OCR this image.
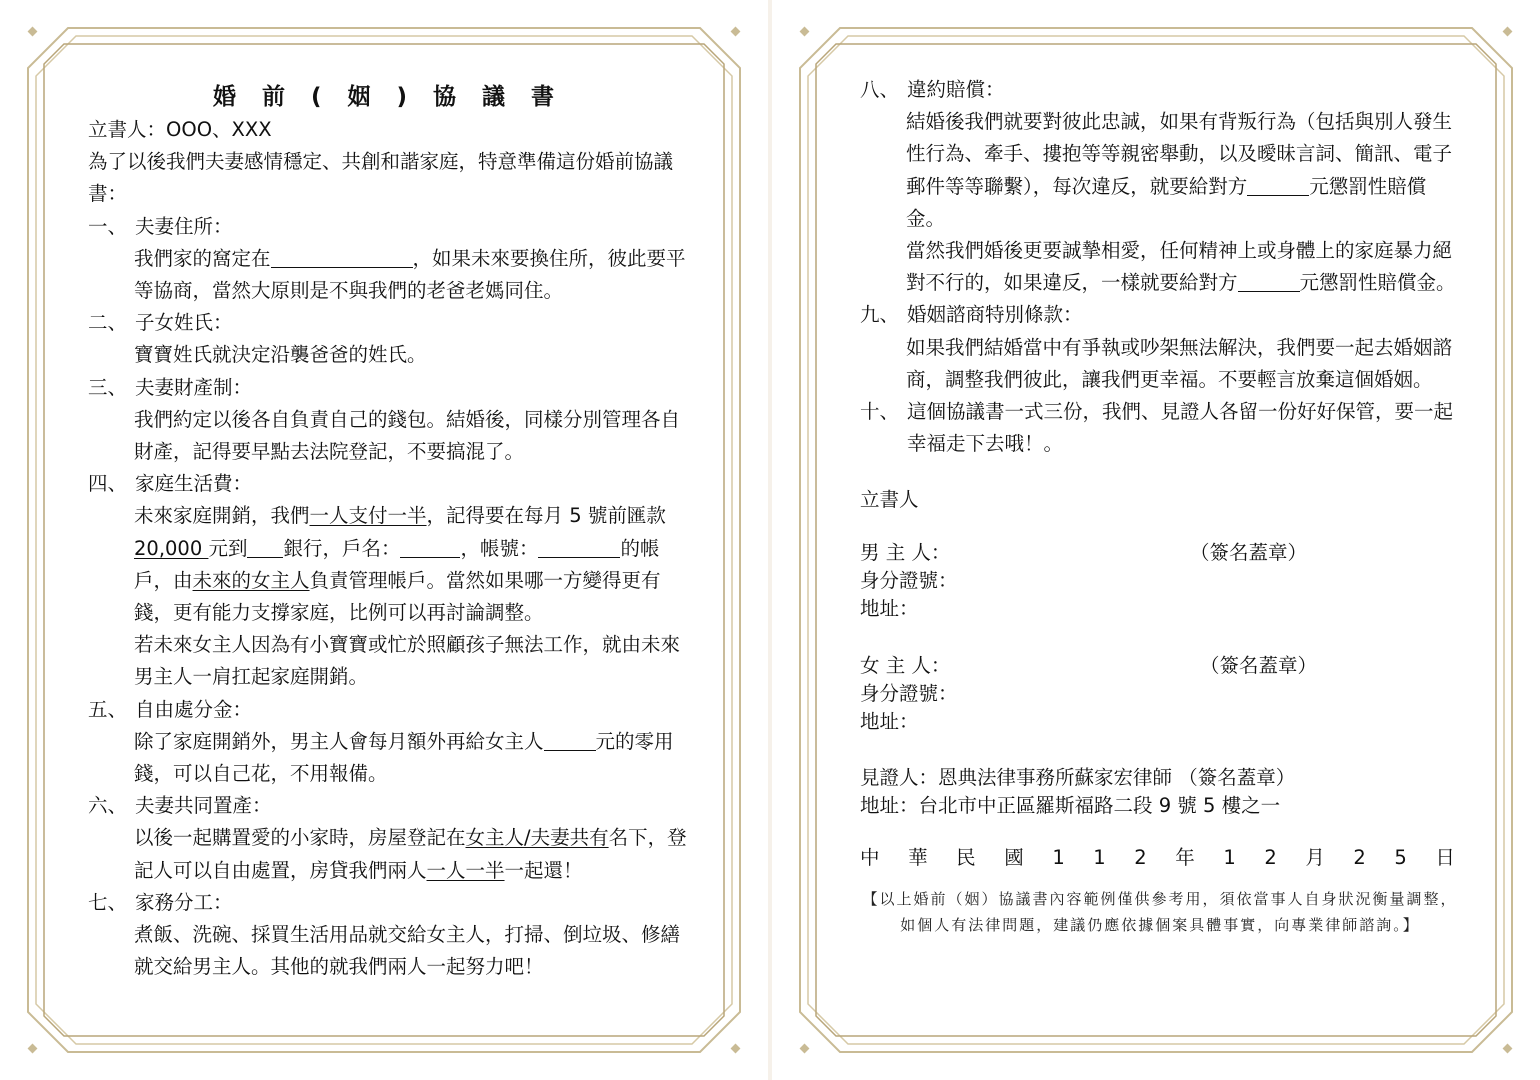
婚 前 ( 姻 ) 協 議 書

立書人：OOO、XXX

為了以後我們夫妻感情穩定、共創和諧家庭，特意準備這份婚前協議書：

一、 夫妻住所：

我們家的窩定在	，如果未來要換住所，彼此要平等協商，當然大原則是不與我們的老爸老媽同住。

二、 子女姓氏：

寶寶姓氏就決定沿襲爸爸的姓氏。

三、 夫妻財產制：

我們約定以後各自負責自己的錢包。結婚後，同樣分別管理各自財產，記得要早點去法院登記，不要搞混了。

四、 家庭生活費：

未來家庭開銷，我們一人支付一半，記得要在每月 5 號前匯款20,000 元到 銀行，戶名：	，帳號：	的帳戶，由未來的女主人負責管理帳戶。當然如果哪一方變得更有錢，更有能力支撐家庭，比例可以再討論調整。

若未來女主人因為有小寶寶或忙於照顧孩子無法工作，就由未來男主人一肩扛起家庭開銷。

五、 自由處分金：

除了家庭開銷外，男主人會每月額外再給女主人	元的零用錢，可以自己花，不用報備。

六、 夫妻共同置產：

以後一起購置愛的小家時，房屋登記在女主人/夫妻共有名下，登記人可以自由處置，房貸我們兩人一人一半一起還！

七、 家務分工：

煮飯、洗碗、採買生活用品就交給女主人，打掃、倒垃圾、修繕就交給男主人。其他的就我們兩人一起努力吧！

八、 違約賠償：

結婚後我們就要對彼此忠誠，如果有背叛行為（包括與別人發生性行為、牽手、摟抱等等親密舉動，以及曖昧言詞、簡訊、電子郵件等等聯繫），每次違反，就要給對方	元懲罰性賠償金。

當然我們婚後更要誠摯相愛，任何精神上或身體上的家庭暴力絕對不行的，如果違反，一樣就要給對方	元懲罰性賠償金。

九、 婚姻諮商特別條款：

如果我們結婚當中有爭執或吵架無法解決，我們要一起去婚姻諮商，調整我們彼此，讓我們更幸福。不要輕言放棄這個婚姻。

十、 這個協議書一式三份，我們、見證人各留一份好好保管，要一起幸福走下去哦！。

立書人

男 主 人：	（簽名蓋章）
身分證號：
地址：
女 主 人：	（簽名蓋章）
身分證號：
地址：
見證人：恩典法律事務所蘇家宏律師 （簽名蓋章）
地址：台北市中正區羅斯福路二段 9 號 5 樓之一
中 華 民 國 1 1 2 年 1 2 月 2 5 日
【以上婚前（姻）協議書內容範例僅供參考用，須依當事人自身狀況衡量調整，
如個人有法律問題，建議仍應依據個案具體事實，向專業律師諮詢。】
